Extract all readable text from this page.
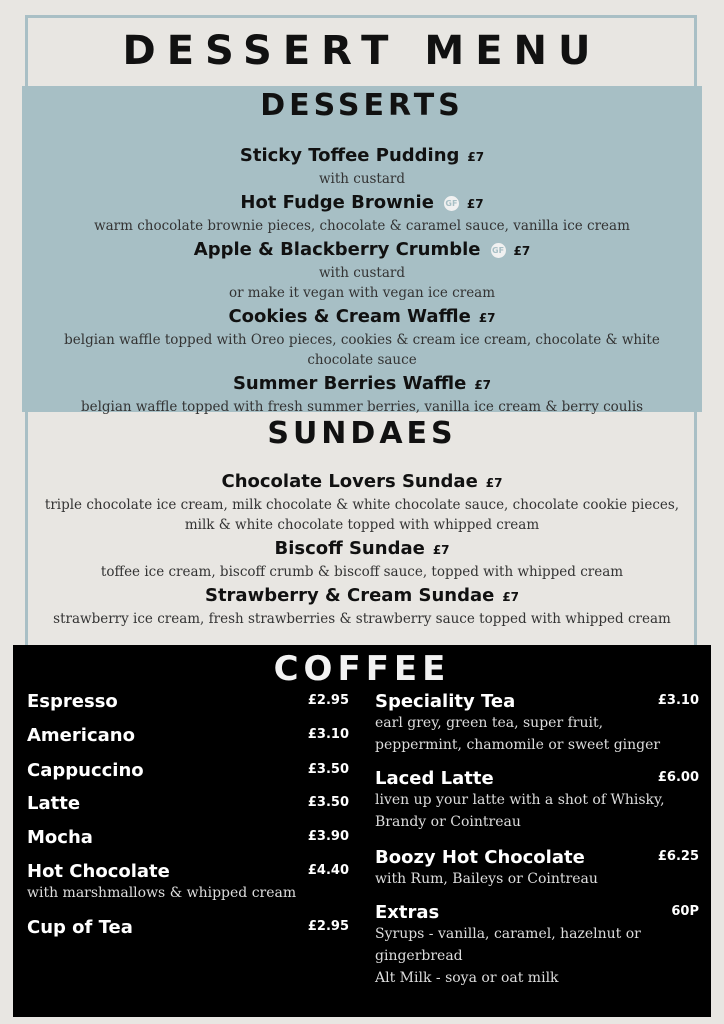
DESSERT MENU
DESSERTS
Sticky Toffee Pudding £7
with custard
Hot Fudge Brownie GF £7
warm chocolate brownie pieces, chocolate & caramel sauce, vanilla ice cream
Apple & Blackberry Crumble GF £7
with custard
or make it vegan with vegan ice cream
Cookies & Cream Waffle £7
belgian waffle topped with Oreo pieces, cookies & cream ice cream, chocolate & white chocolate sauce
Summer Berries Waffle £7
belgian waffle topped with fresh summer berries, vanilla ice cream & berry coulis
SUNDAES
Chocolate Lovers Sundae £7
triple chocolate ice cream, milk chocolate & white chocolate sauce, chocolate cookie pieces, milk & white chocolate topped with whipped cream
Biscoff Sundae £7
toffee ice cream, biscoff crumb & biscoff sauce, topped with whipped cream
Strawberry & Cream Sundae £7
strawberry ice cream, fresh strawberries & strawberry sauce topped with whipped cream
COFFEE
Espresso	£2.95
Americano	£3.10
Cappuccino	£3.50
Latte	£3.50
Mocha	£3.90
Hot Chocolate	£4.40
with marshmallows & whipped cream
Cup of Tea	£2.95
Speciality Tea	£3.10
earl grey, green tea, super fruit,
peppermint, chamomile or sweet ginger
Laced Latte	£6.00
liven up your latte with a shot of Whisky,
Brandy or Cointreau
Boozy Hot Chocolate	£6.25
with Rum, Baileys or Cointreau
Extras	60P
Syrups - vanilla, caramel, hazelnut or
gingerbread
Alt Milk - soya or oat milk
